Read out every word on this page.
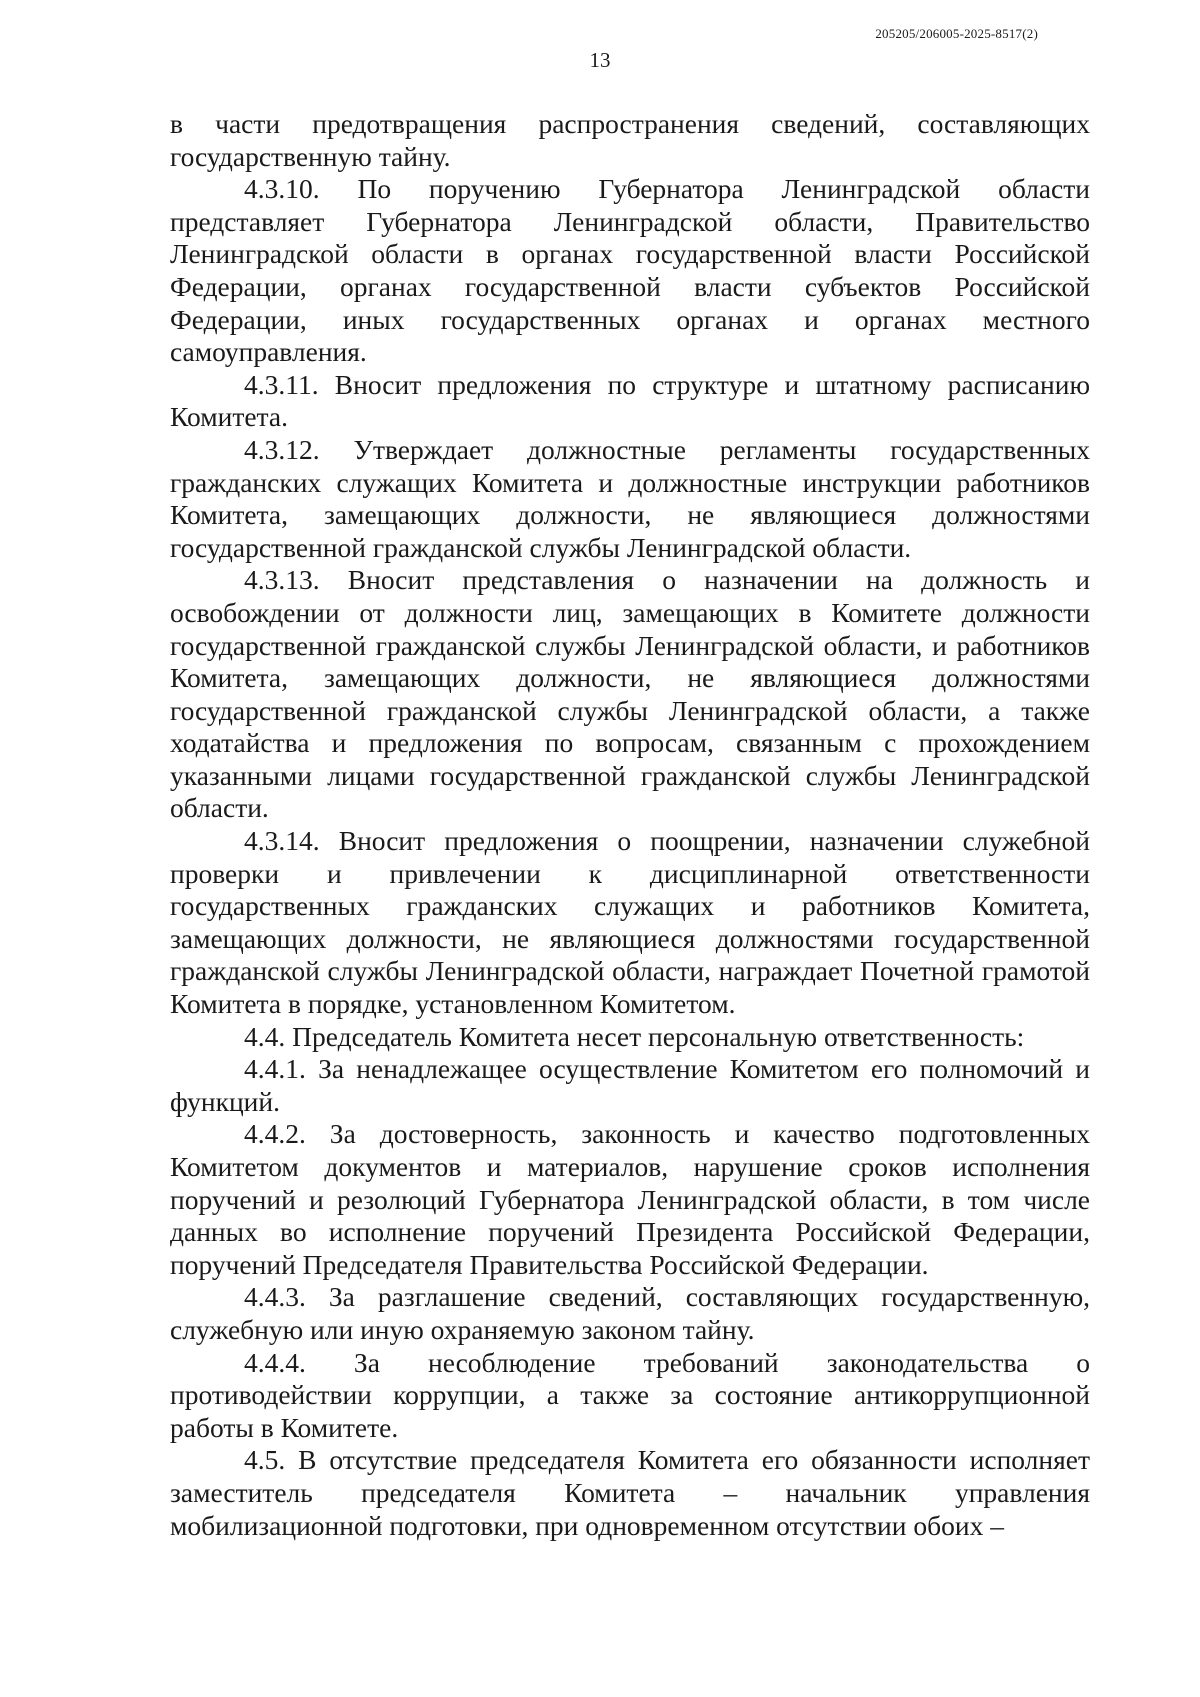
205205/206005-2025-8517(2)
13

в части предотвращения распространения сведений, составляющих государственную тайну.

4.3.10. По поручению Губернатора Ленинградской области представляет Губернатора Ленинградской области, Правительство Ленинградской области в органах государственной власти Российской Федерации, органах государственной власти субъектов Российской Федерации, иных государственных органах и органах местного самоуправления.

4.3.11. Вносит предложения по структуре и штатному расписанию Комитета.

4.3.12. Утверждает должностные регламенты государственных гражданских служащих Комитета и должностные инструкции работников Комитета, замещающих должности, не являющиеся должностями государственной гражданской службы Ленинградской области.

4.3.13. Вносит представления о назначении на должность и освобождении от должности лиц, замещающих в Комитете должности государственной гражданской службы Ленинградской области, и работников Комитета, замещающих должности, не являющиеся должностями государственной гражданской службы Ленинградской области, а также ходатайства и предложения по вопросам, связанным с прохождением указанными лицами государственной гражданской службы Ленинградской области.

4.3.14. Вносит предложения о поощрении, назначении служебной проверки и привлечении к дисциплинарной ответственности государственных гражданских служащих и работников Комитета, замещающих должности, не являющиеся должностями государственной гражданской службы Ленинградской области, награждает Почетной грамотой Комитета в порядке, установленном Комитетом.

4.4. Председатель Комитета несет персональную ответственность:

4.4.1. За ненадлежащее осуществление Комитетом его полномочий и функций.

4.4.2. За достоверность, законность и качество подготовленных Комитетом документов и материалов, нарушение сроков исполнения поручений и резолюций Губернатора Ленинградской области, в том числе данных во исполнение поручений Президента Российской Федерации, поручений Председателя Правительства Российской Федерации.

4.4.3. За разглашение сведений, составляющих государственную, служебную или иную охраняемую законом тайну.

4.4.4. За несоблюдение требований законодательства о противодействии коррупции, а также за состояние антикоррупционной работы в Комитете.

4.5. В отсутствие председателя Комитета его обязанности исполняет заместитель председателя Комитета – начальник управления мобилизационной подготовки, при одновременном отсутствии обоих –
